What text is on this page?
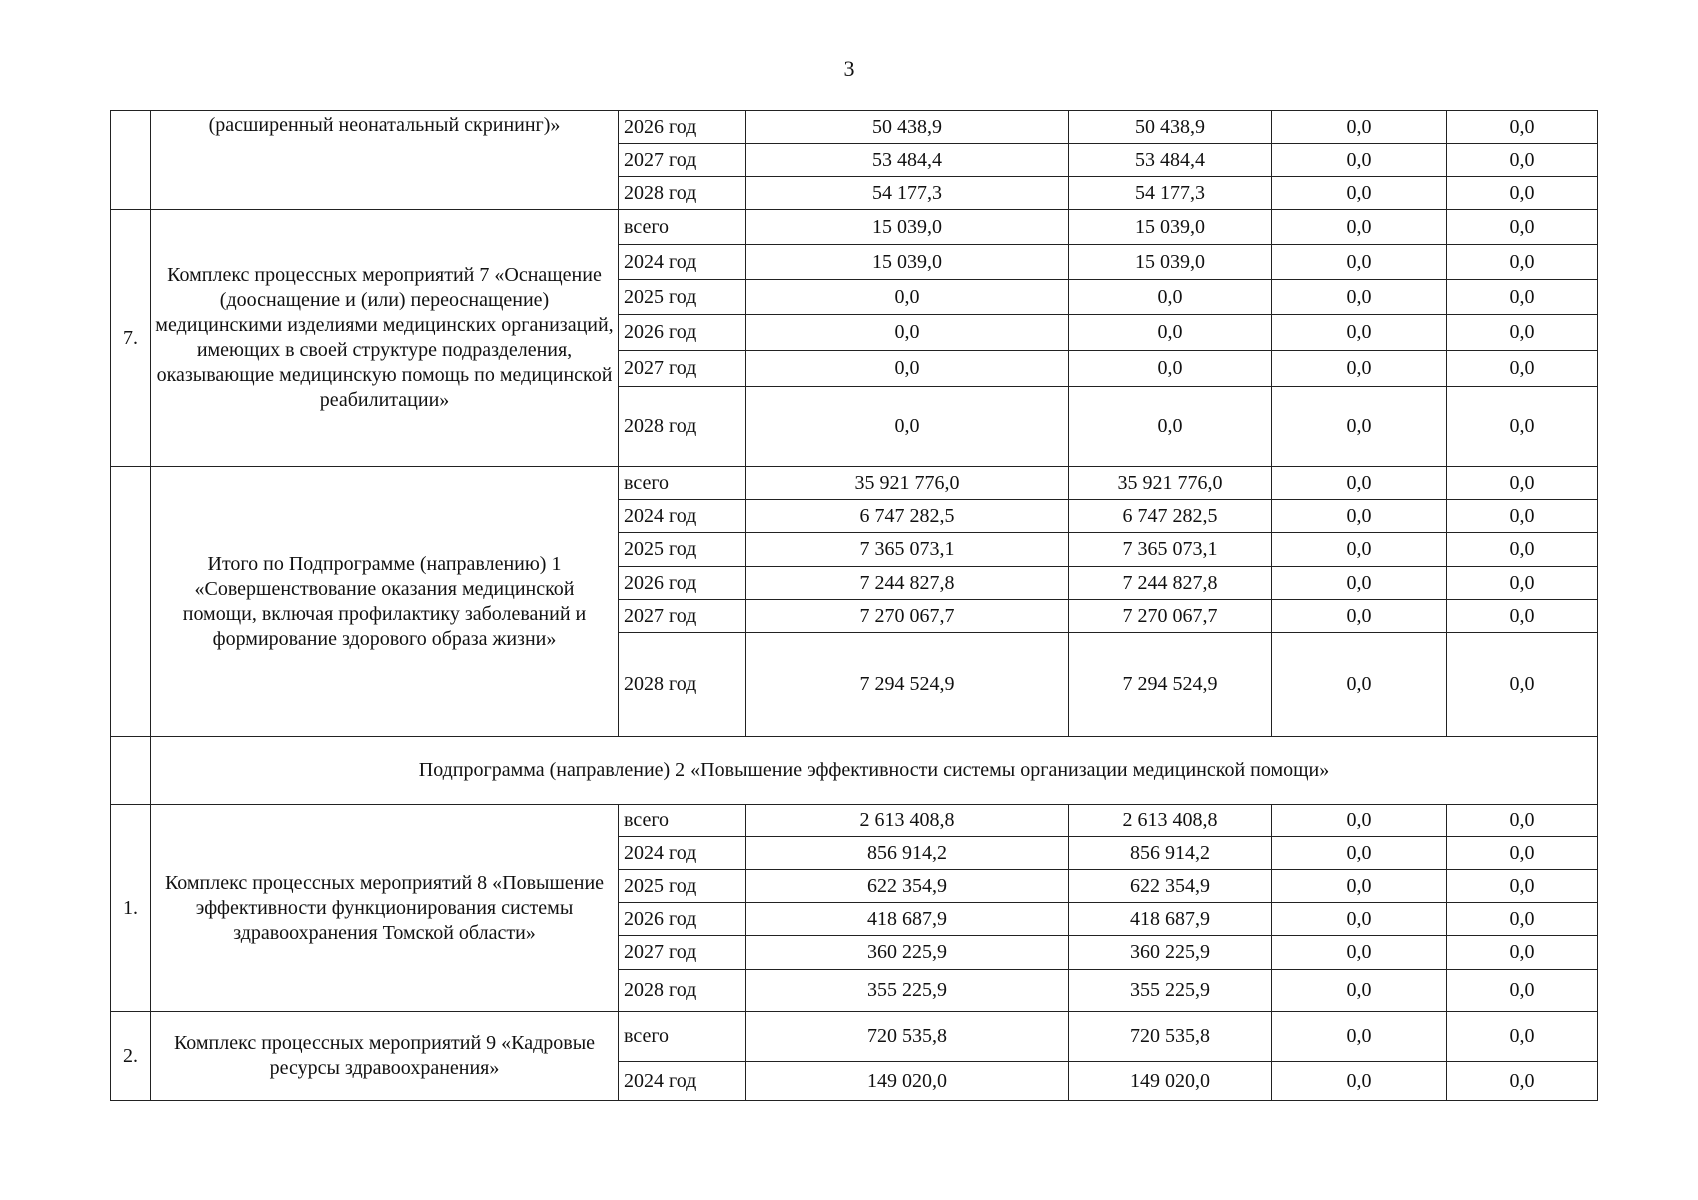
3
	(расширенный неонатальный скрининг)»	2026 год	50 438,9	50 438,9	0,0	0,0
		2027 год	53 484,4	53 484,4	0,0	0,0
		2028 год	54 177,3	54 177,3	0,0	0,0
7.	Комплекс процессных мероприятий 7 «Оснащение (дооснащение и (или) переоснащение) медицинскими изделиями медицинских организаций, имеющих в своей структуре подразделения, оказывающие медицинскую помощь по медицинской реабилитации»	всего	15 039,0	15 039,0	0,0	0,0
		2024 год	15 039,0	15 039,0	0,0	0,0
		2025 год	0,0	0,0	0,0	0,0
		2026 год	0,0	0,0	0,0	0,0
		2027 год	0,0	0,0	0,0	0,0
		2028 год	0,0	0,0	0,0	0,0
	Итого по Подпрограмме (направлению) 1 «Совершенствование оказания медицинской помощи, включая профилактику заболеваний и формирование здорового образа жизни»	всего	35 921 776,0	35 921 776,0	0,0	0,0
		2024 год	6 747 282,5	6 747 282,5	0,0	0,0
		2025 год	7 365 073,1	7 365 073,1	0,0	0,0
		2026 год	7 244 827,8	7 244 827,8	0,0	0,0
		2027 год	7 270 067,7	7 270 067,7	0,0	0,0
		2028 год	7 294 524,9	7 294 524,9	0,0	0,0
	Подпрограмма (направление) 2 «Повышение эффективности системы организации медицинской помощи»					
1.	Комплекс процессных мероприятий 8 «Повышение эффективности функционирования системы здравоохранения Томской области»	всего	2 613 408,8	2 613 408,8	0,0	0,0
		2024 год	856 914,2	856 914,2	0,0	0,0
		2025 год	622 354,9	622 354,9	0,0	0,0
		2026 год	418 687,9	418 687,9	0,0	0,0
		2027 год	360 225,9	360 225,9	0,0	0,0
		2028 год	355 225,9	355 225,9	0,0	0,0
2.	Комплекс процессных мероприятий 9 «Кадровые ресурсы здравоохранения»	всего	720 535,8	720 535,8	0,0	0,0
		2024 год	149 020,0	149 020,0	0,0	0,0
